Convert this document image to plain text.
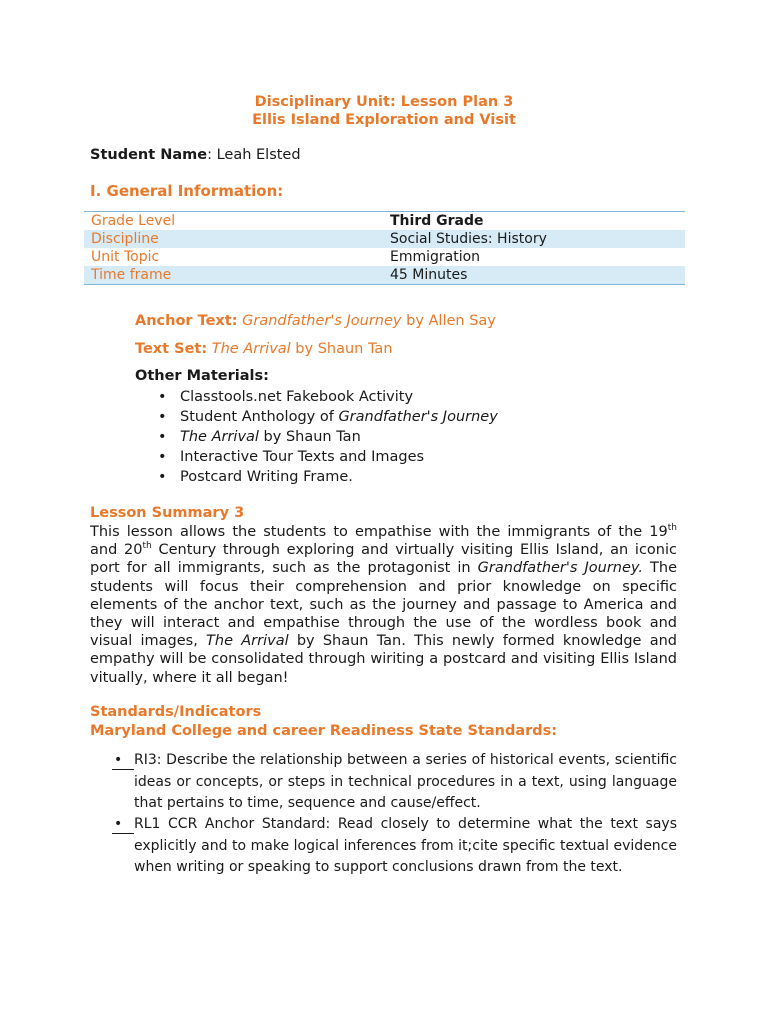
Disciplinary Unit: Lesson Plan 3
Ellis Island Exploration and Visit
Student Name: Leah Elsted
I. General Information:
Grade Level	Third Grade
Discipline	Social Studies: History
Unit Topic	Emmigration
Time frame	45 Minutes
Anchor Text: Grandfather's Journey by Allen Say
Text Set: The Arrival by Shaun Tan
Other Materials:
• Classtools.net Fakebook Activity
• Student Anthology of Grandfather's Journey
• The Arrival by Shaun Tan
• Interactive Tour Texts and Images
• Postcard Writing Frame.
Lesson Summary 3

This lesson allows the students to empathise with the immigrants of the 19th and 20th Century through exploring and virtually visiting Ellis Island, an iconic port for all immigrants, such as the protagonist in Grandfather's Journey. The students will focus their comprehension and prior knowledge on specific elements of the anchor text, such as the journey and passage to America and they will interact and empathise through the use of the wordless book and visual images, The Arrival by Shaun Tan. This newly formed knowledge and empathy will be consolidated through wiriting a postcard and visiting Ellis Island vitually, where it all began!

Standards/Indicators
Maryland College and career Readiness State Standards:
• RI3: Describe the relationship between a series of historical events, scientific ideas or concepts, or steps in technical procedures in a text, using language that pertains to time, sequence and cause/effect.

• RL1 CCR Anchor Standard: Read closely to determine what the text says explicitly and to make logical inferences from it;cite specific textual evidence when writing or speaking to support conclusions drawn from the text.
